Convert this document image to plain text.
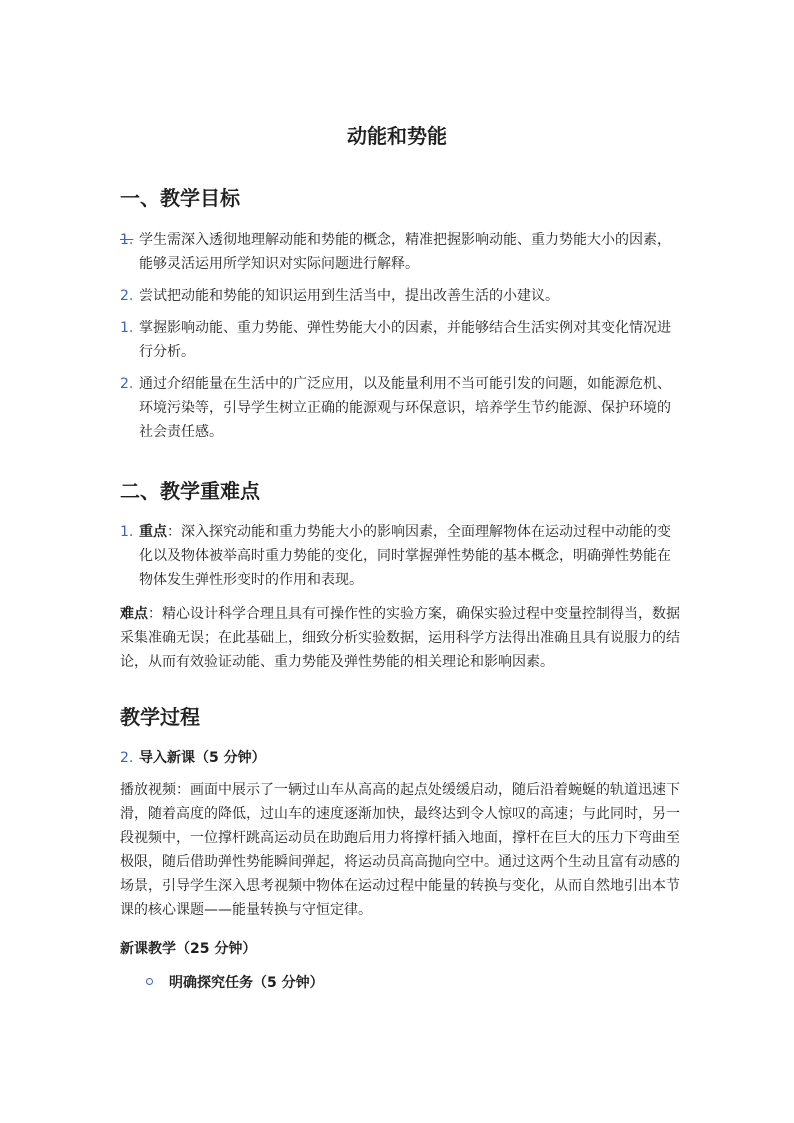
动能和势能
一、教学目标
1. 学生需深入透彻地理解动能和势能的概念，精准把握影响动能、重力势能大小的因素，能够灵活运用所学知识对实际问题进行解释。
2. 尝试把动能和势能的知识运用到生活当中，提出改善生活的小建议。
1. 掌握影响动能、重力势能、弹性势能大小的因素，并能够结合生活实例对其变化情况进行分析。
2. 通过介绍能量在生活中的广泛应用，以及能量利用不当可能引发的问题，如能源危机、环境污染等，引导学生树立正确的能源观与环保意识，培养学生节约能源、保护环境的社会责任感。
二、教学重难点
1. 重点：深入探究动能和重力势能大小的影响因素，全面理解物体在运动过程中动能的变化以及物体被举高时重力势能的变化，同时掌握弹性势能的基本概念，明确弹性势能在物体发生弹性形变时的作用和表现。

难点：精心设计科学合理且具有可操作性的实验方案，确保实验过程中变量控制得当，数据采集准确无误；在此基础上，细致分析实验数据，运用科学方法得出准确且具有说服力的结论，从而有效验证动能、重力势能及弹性势能的相关理论和影响因素。

教学过程
2. 导入新课（5 分钟）

播放视频：画面中展示了一辆过山车从高高的起点处缓缓启动，随后沿着蜿蜒的轨道迅速下滑，随着高度的降低，过山车的速度逐渐加快，最终达到令人惊叹的高速；与此同时，另一段视频中，一位撑杆跳高运动员在助跑后用力将撑杆插入地面，撑杆在巨大的压力下弯曲至极限，随后借助弹性势能瞬间弹起，将运动员高高抛向空中。通过这两个生动且富有动感的场景，引导学生深入思考视频中物体在运动过程中能量的转换与变化，从而自然地引出本节课的核心课题——能量转换与守恒定律。

新课教学（25 分钟）

明确探究任务（5 分钟）
